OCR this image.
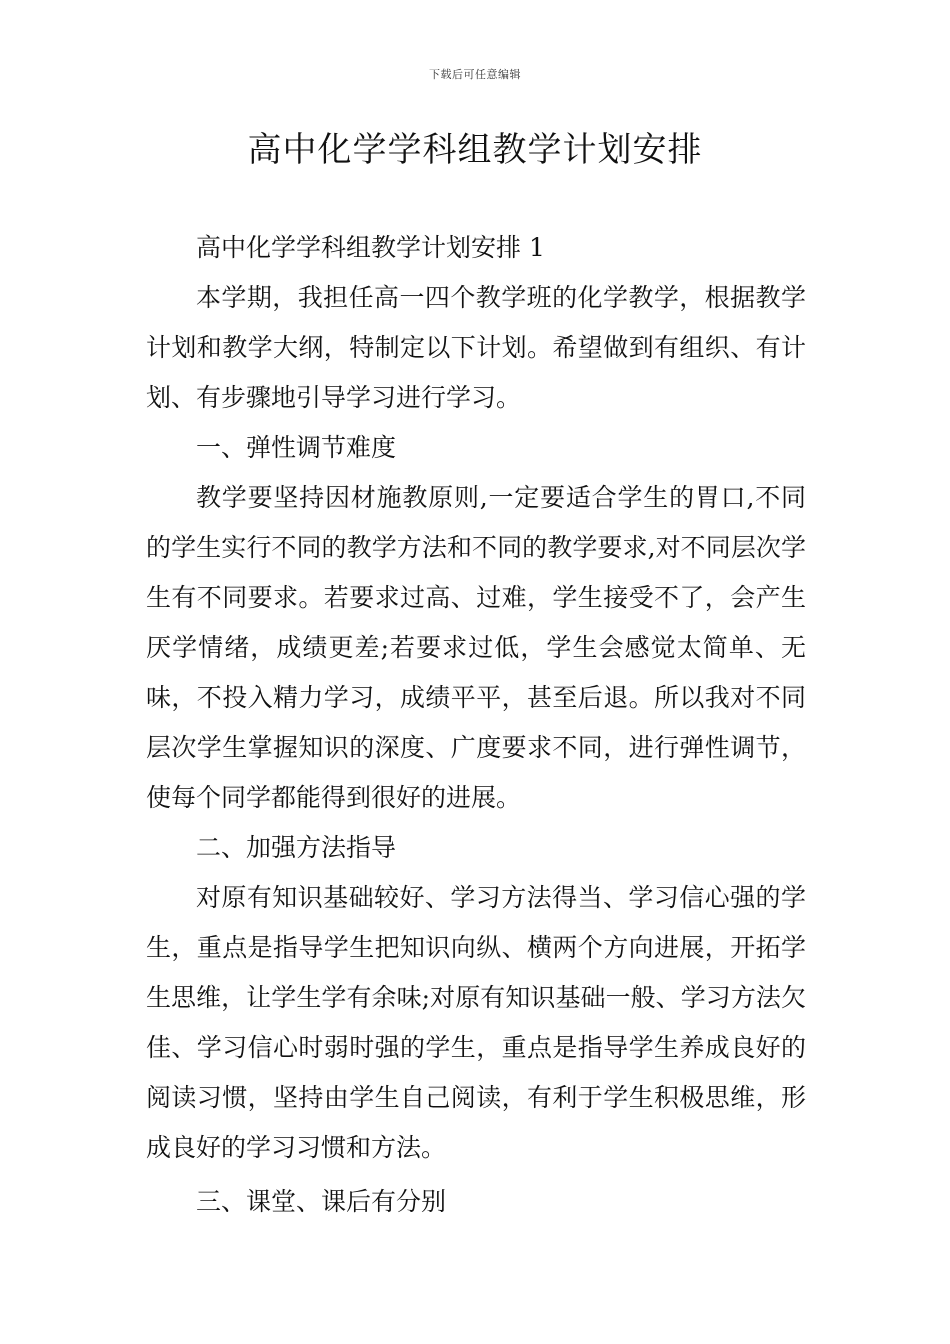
下载后可任意编辑
高中化学学科组教学计划安排

高中化学学科组教学计划安排 1

本学期，我担任高一四个教学班的化学教学，根据教学计划和教学大纲，特制定以下计划。希望做到有组织、有计划、有步骤地引导学习进行学习。

一、弹性调节难度

教学要坚持因材施教原则,一定要适合学生的胃口,不同的学生实行不同的教学方法和不同的教学要求,对不同层次学生有不同要求。若要求过高、过难，学生接受不了，会产生厌学情绪，成绩更差;若要求过低，学生会感觉太简单、无味，不投入精力学习，成绩平平，甚至后退。所以我对不同层次学生掌握知识的深度、广度要求不同，进行弹性调节，使每个同学都能得到很好的进展。

二、加强方法指导

对原有知识基础较好、学习方法得当、学习信心强的学生，重点是指导学生把知识向纵、横两个方向进展，开拓学生思维，让学生学有余味;对原有知识基础一般、学习方法欠佳、学习信心时弱时强的学生，重点是指导学生养成良好的阅读习惯，坚持由学生自己阅读，有利于学生积极思维，形成良好的学习习惯和方法。

三、课堂、课后有分别
